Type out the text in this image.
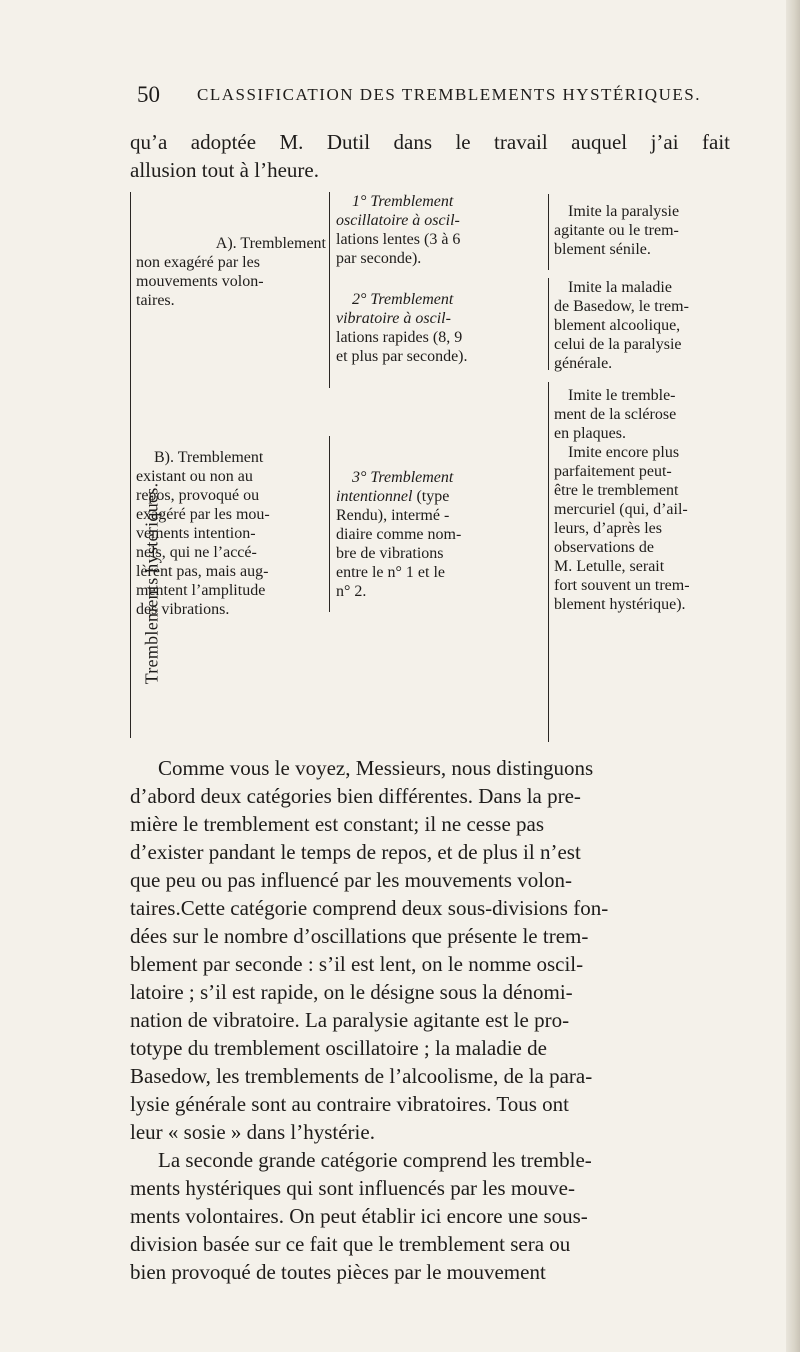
50 CLASSIFICATION DES TREMBLEMENTS HYSTÉRIQUES.

qu’a adoptée M. Dutil dans le travail auquel j’ai fait

allusion tout à l’heure.

Tremblements hystériques.

A). Tremblement

non exagéré par les

mouvements volon-

taires.

1° Tremblement

oscillatoire à oscil-

lations lentes (3 à 6

par seconde).

Imite la paralysie

agitante ou le trem-

blement sénile.

2° Tremblement

vibratoire à oscil-

lations rapides (8, 9

et plus par seconde).

Imite la maladie

de Basedow, le trem-

blement alcoolique,

celui de la paralysie

générale.

B). Tremblement

existant ou non au

repos, provoqué ou

exagéré par les mou-

vements intention-

nels, qui ne l’accé-

lèrent pas, mais aug-

mentent l’amplitude

des vibrations.

3° Tremblement

intentionnel (type

Rendu), intermé -

diaire comme nom-

bre de vibrations

entre le n° 1 et le

n° 2.

Imite le tremble-

ment de la sclérose

en plaques.

Imite encore plus

parfaitement peut-

être le tremblement

mercuriel (qui, d’ail-

leurs, d’après les

observations de

M. Letulle, serait

fort souvent un trem-

blement hystérique).

Comme vous le voyez, Messieurs, nous distinguons

d’abord deux catégories bien différentes. Dans la pre-

mière le tremblement est constant; il ne cesse pas

d’exister pandant le temps de repos, et de plus il n’est

que peu ou pas influencé par les mouvements volon-

taires.Cette catégorie comprend deux sous-divisions fon-

dées sur le nombre d’oscillations que présente le trem-

blement par seconde : s’il est lent, on le nomme oscil-

latoire ; s’il est rapide, on le désigne sous la dénomi-

nation de vibratoire. La paralysie agitante est le pro-

totype du tremblement oscillatoire ; la maladie de

Basedow, les tremblements de l’alcoolisme, de la para-

lysie générale sont au contraire vibratoires. Tous ont

leur « sosie » dans l’hystérie.

La seconde grande catégorie comprend les tremble-

ments hystériques qui sont influencés par les mouve-

ments volontaires. On peut établir ici encore une sous-

division basée sur ce fait que le tremblement sera ou

bien provoqué de toutes pièces par le mouvement
